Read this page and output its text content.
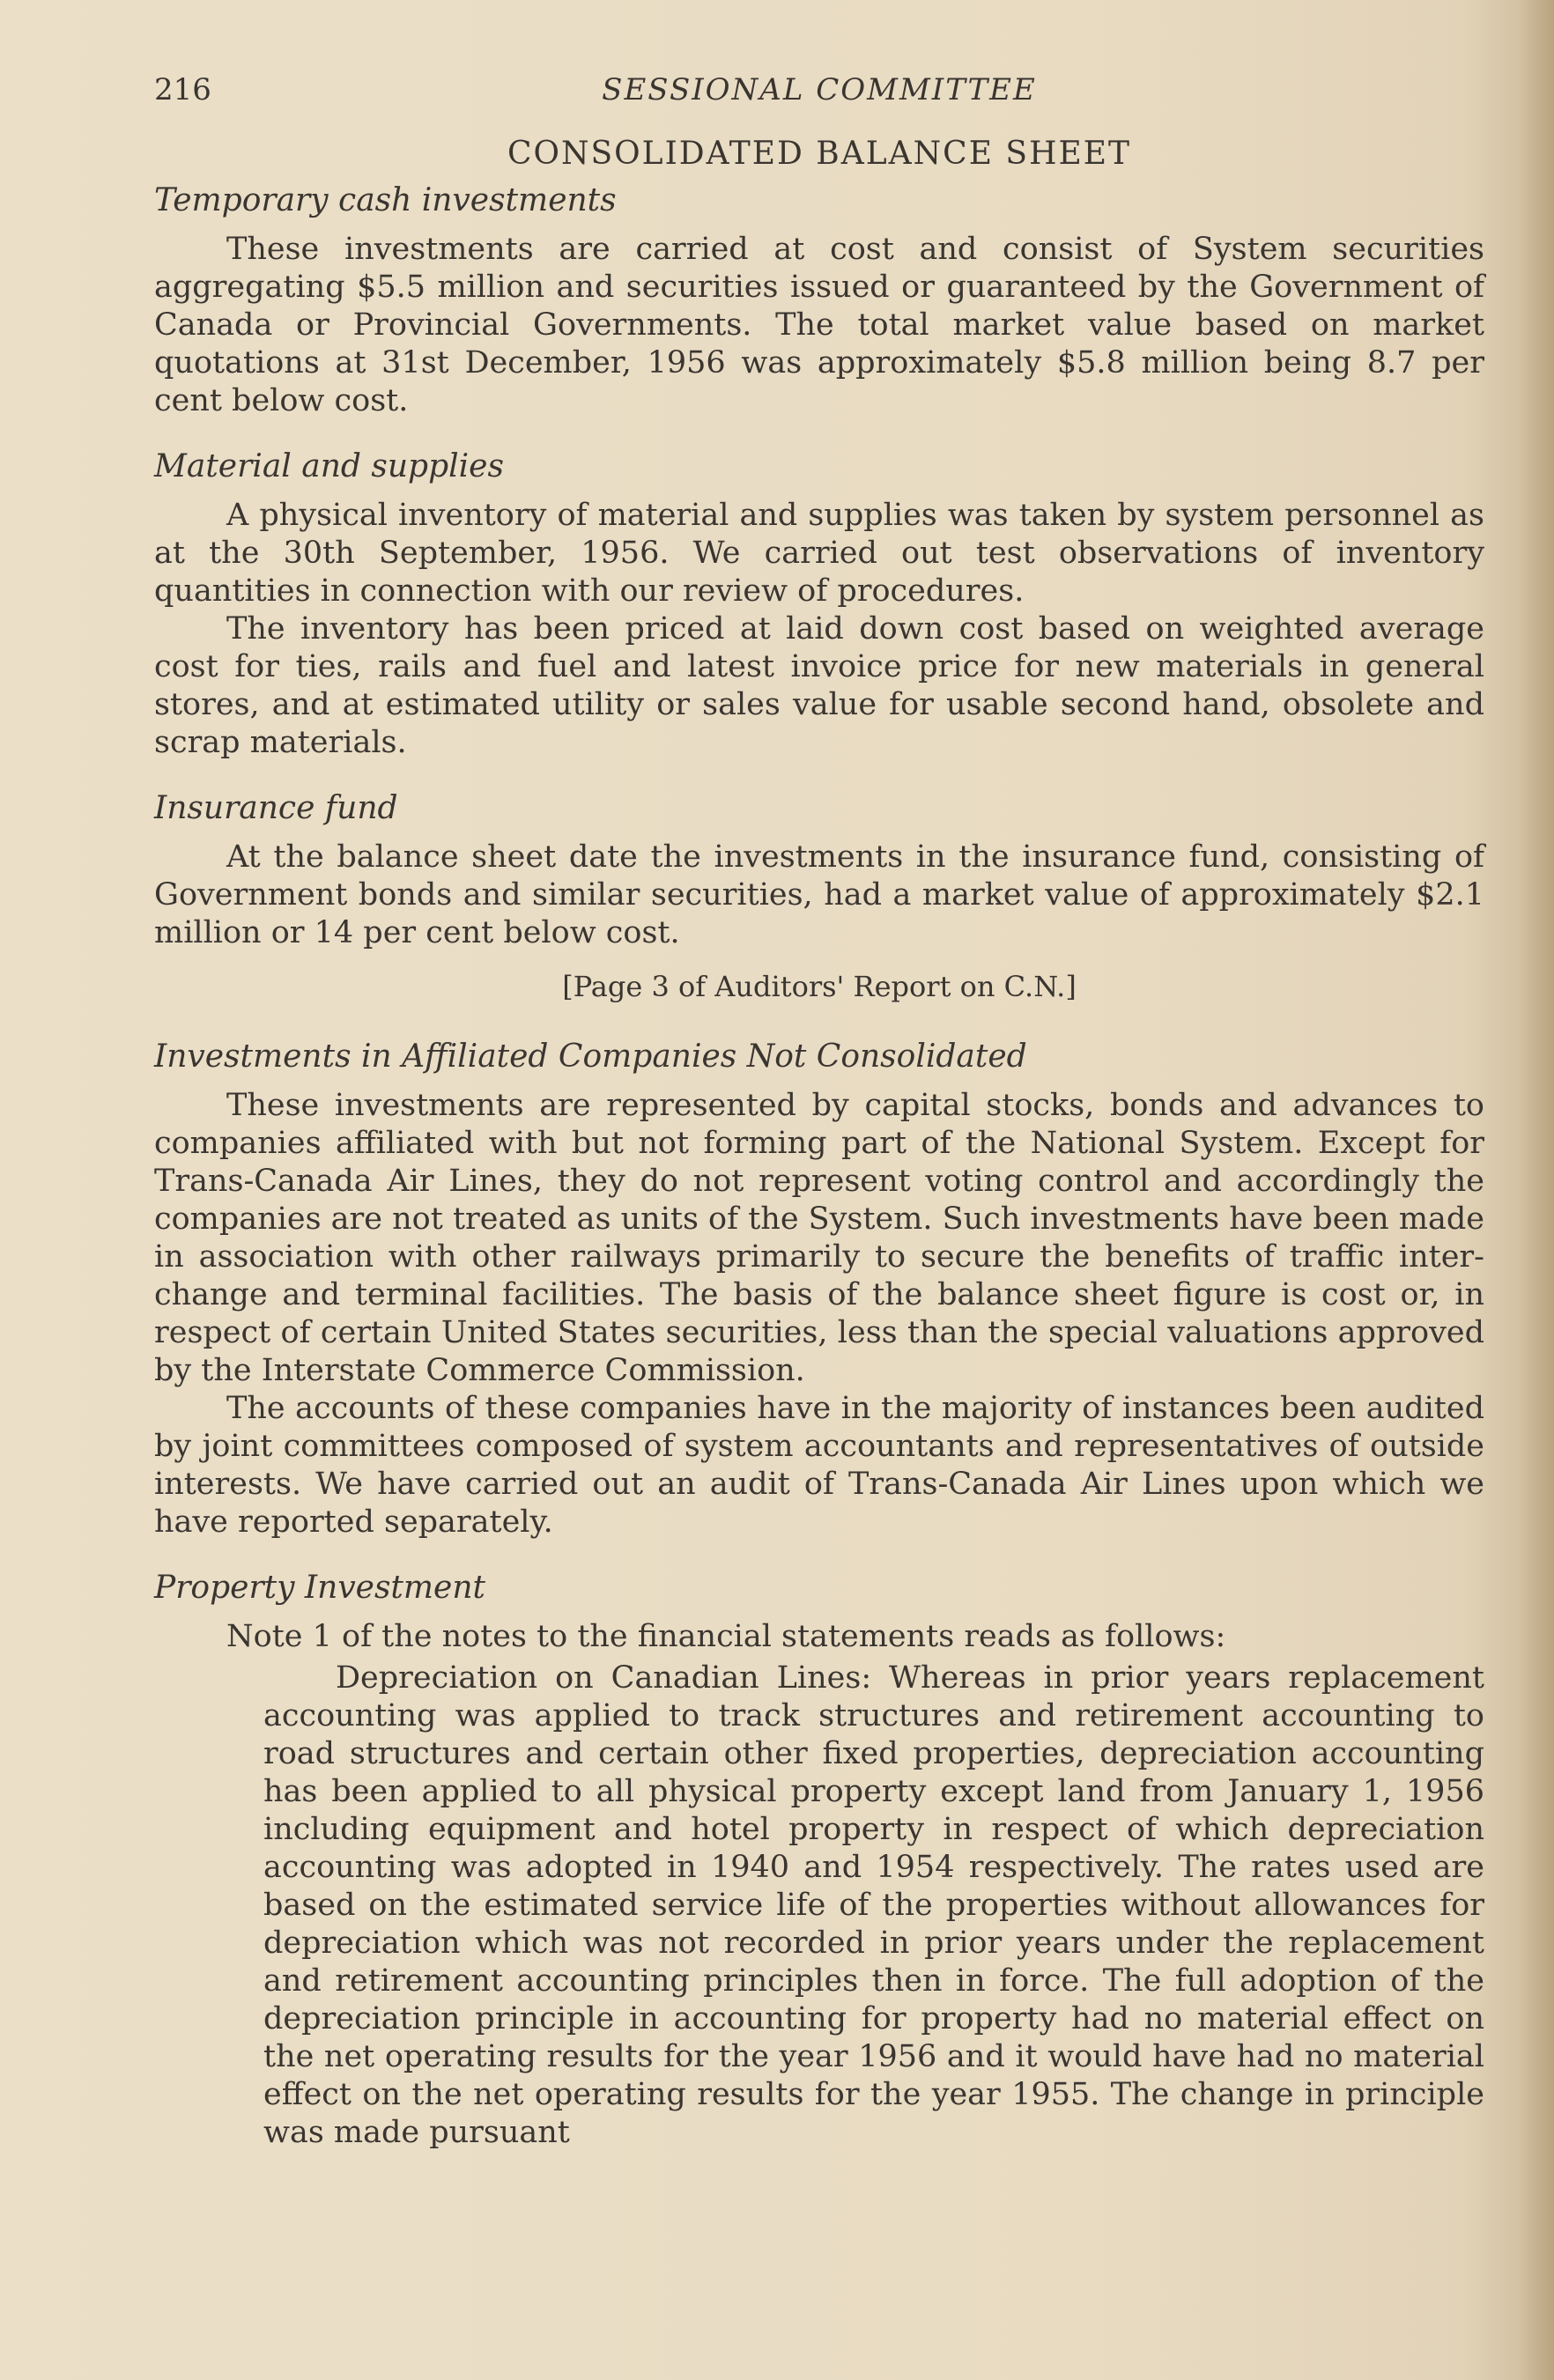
216	SESSIONAL COMMITTEE
CONSOLIDATED BALANCE SHEET
Temporary cash investments

These investments are carried at cost and consist of System securities aggregating $5.5 million and securities issued or guaranteed by the Government of Canada or Provincial Governments. The total market value based on market quotations at 31st December, 1956 was approximately $5.8 million being 8.7 per cent below cost.

Material and supplies

A physical inventory of material and supplies was taken by system personnel as at the 30th September, 1956. We carried out test observations of inventory quantities in connection with our review of procedures.

The inventory has been priced at laid down cost based on weighted average cost for ties, rails and fuel and latest invoice price for new materials in general stores, and at estimated utility or sales value for usable second hand, obsolete and scrap materials.

Insurance fund

At the balance sheet date the investments in the insurance fund, consisting of Government bonds and similar securities, had a market value of approximately $2.1 million or 14 per cent below cost.

[Page 3 of Auditors' Report on C.N.]
Investments in Affiliated Companies Not Consolidated

These investments are represented by capital stocks, bonds and advances to companies affiliated with but not forming part of the National System. Except for Trans-Canada Air Lines, they do not represent voting control and accordingly the companies are not treated as units of the System. Such investments have been made in association with other railways primarily to secure the benefits of traffic inter-change and terminal facilities. The basis of the balance sheet figure is cost or, in respect of certain United States securities, less than the special valuations approved by the Interstate Commerce Commission.

The accounts of these companies have in the majority of instances been audited by joint committees composed of system accountants and representatives of outside interests. We have carried out an audit of Trans-Canada Air Lines upon which we have reported separately.

Property Investment

Note 1 of the notes to the financial statements reads as follows:

Depreciation on Canadian Lines: Whereas in prior years replacement accounting was applied to track structures and retirement accounting to road structures and certain other fixed properties, depreciation accounting has been applied to all physical property except land from January 1, 1956 including equipment and hotel property in respect of which depreciation accounting was adopted in 1940 and 1954 respectively. The rates used are based on the estimated service life of the properties without allowances for depreciation which was not recorded in prior years under the replacement and retirement accounting principles then in force. The full adoption of the depreciation principle in accounting for property had no material effect on the net operating results for the year 1956 and it would have had no material effect on the net operating results for the year 1955. The change in principle was made pursuant
